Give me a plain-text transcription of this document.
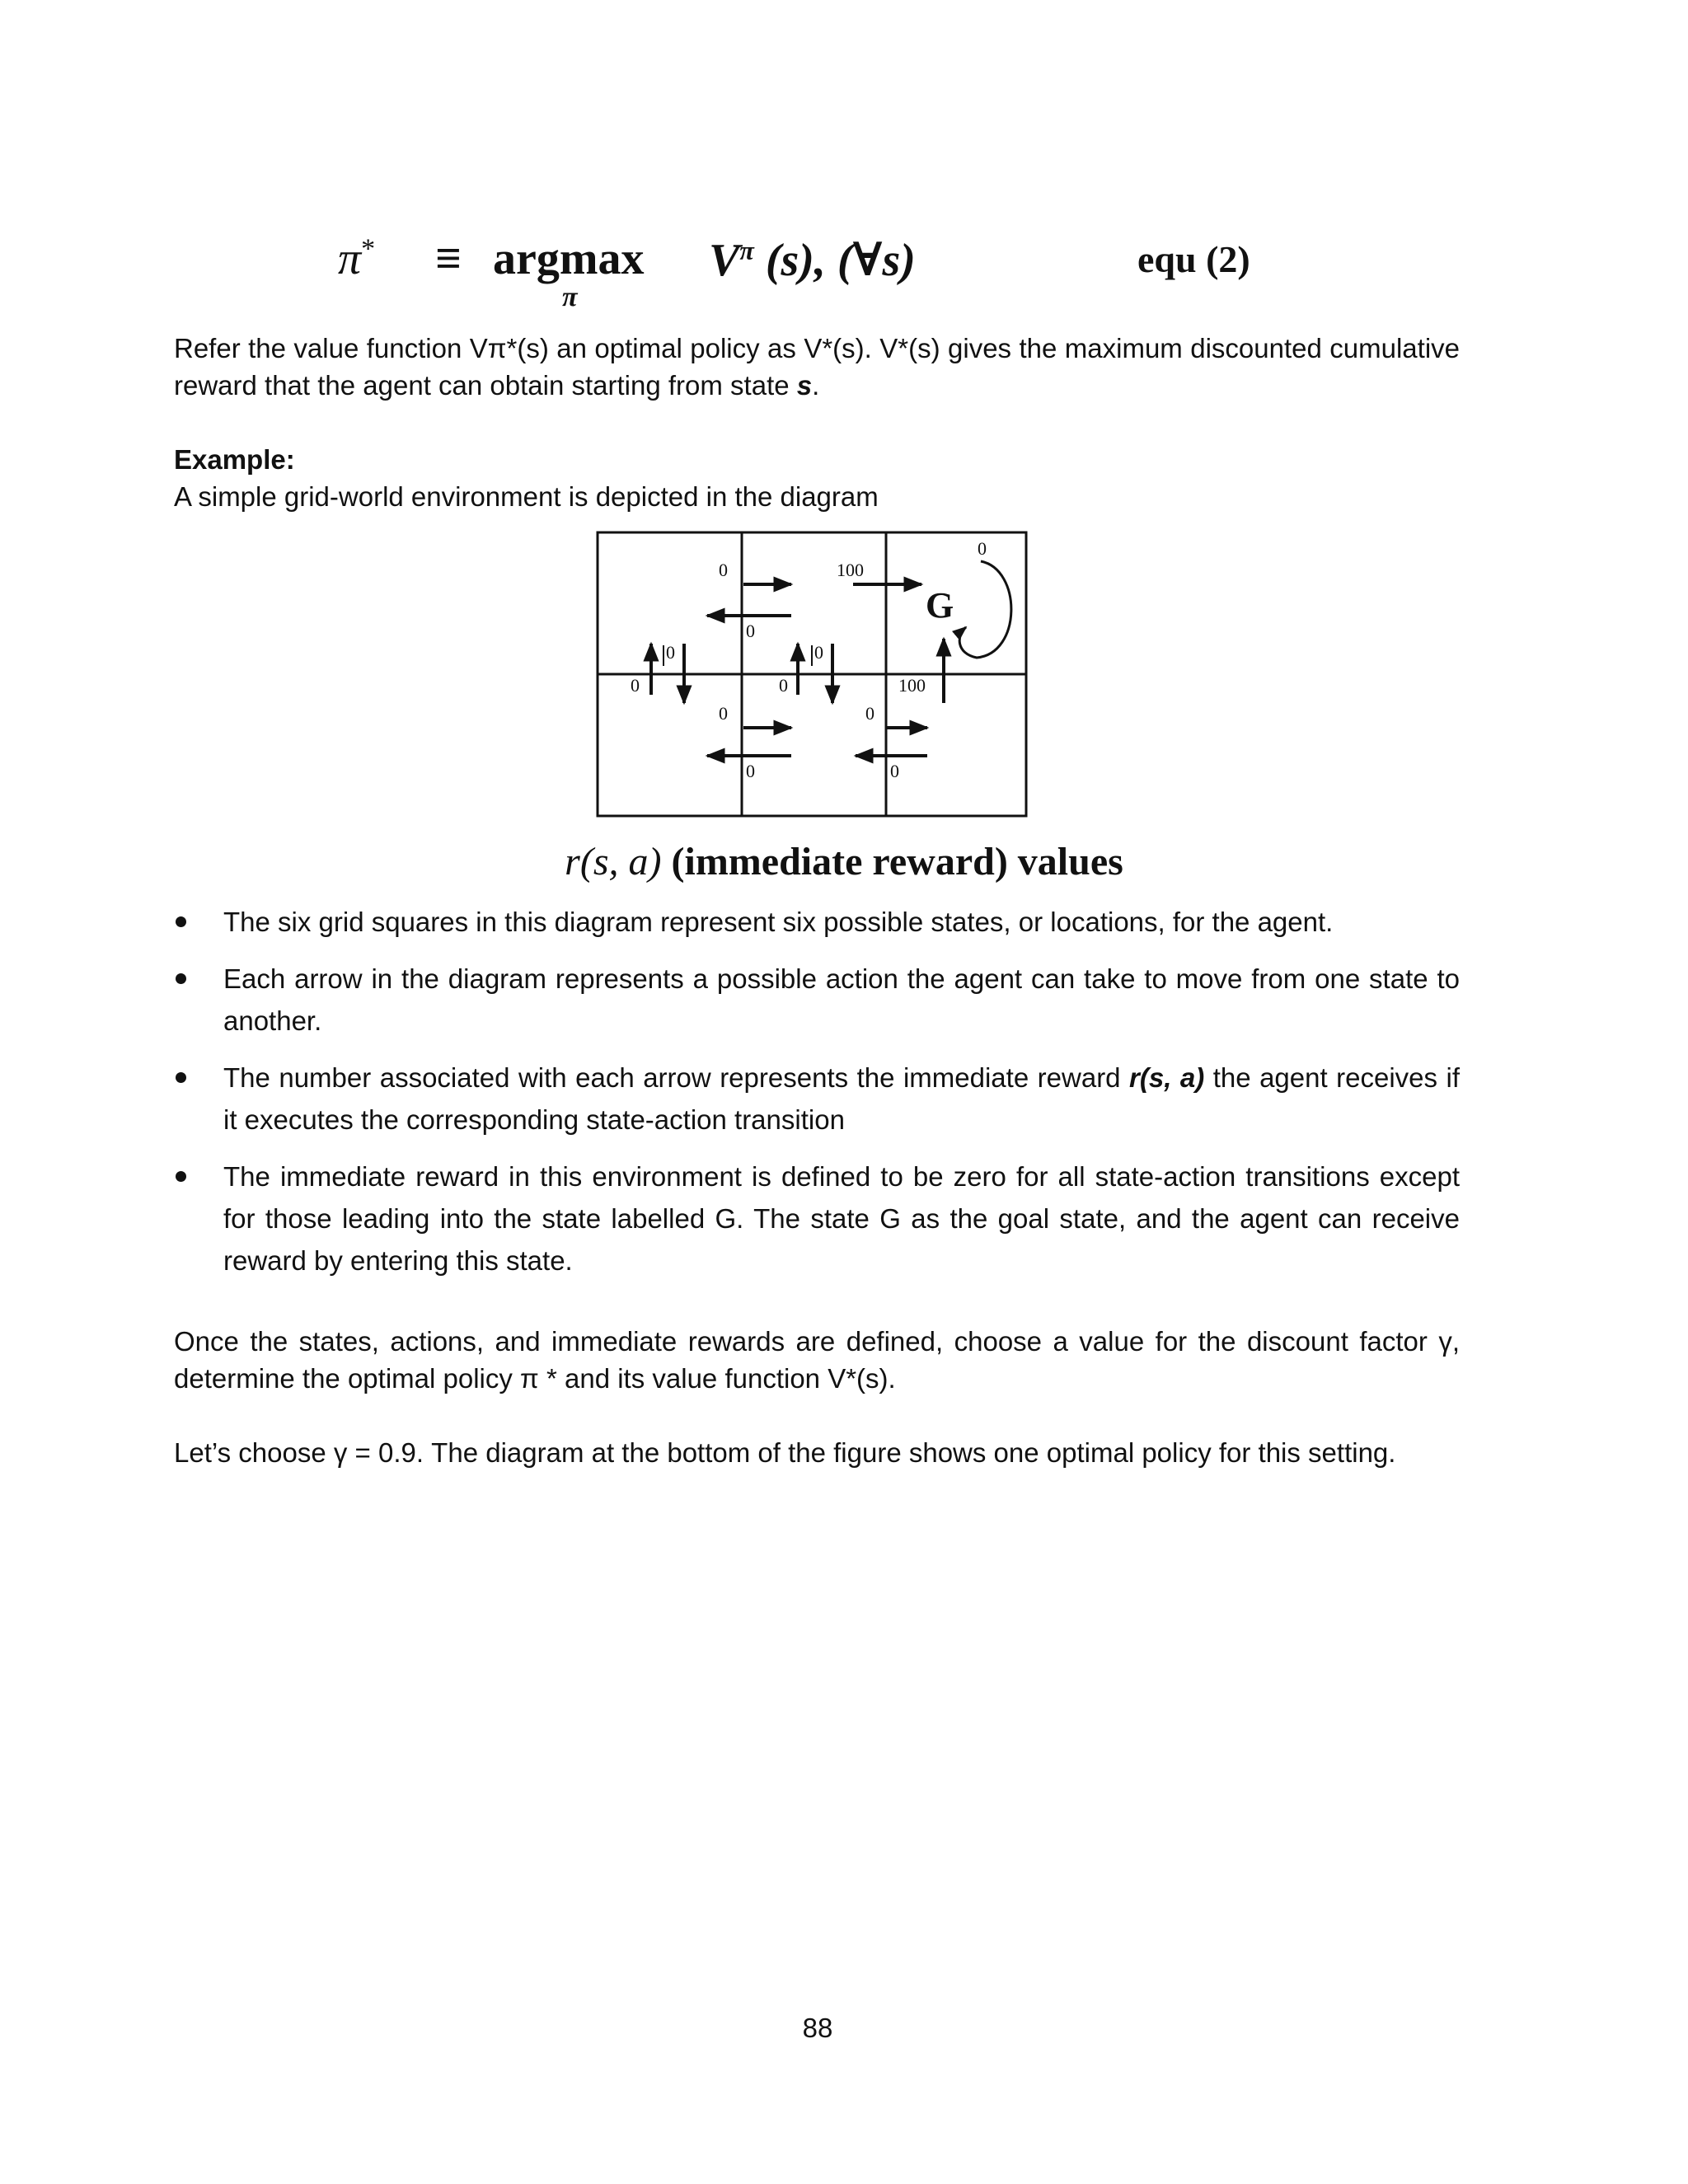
π* ≡ argmax
π
$V^\pi$ (s), (∀s)	equ (2)

Refer the value function Vπ*(s) an optimal policy as V*(s). V*(s) gives the maximum discounted cumulative reward that the agent can obtain starting from state s.

Example:

A simple grid-world environment is depicted in the diagram

G
0
0
100
0
0
0
0
0	100
0
0
0
0
r(s, a) (immediate reward) values
The six grid squares in this diagram represent six possible states, or locations, for the agent.
Each arrow in the diagram represents a possible action the agent can take to move from one state to another.
The number associated with each arrow represents the immediate reward r(s, a) the agent receives if it executes the corresponding state-action transition
The immediate reward in this environment is defined to be zero for all state-action transitions except for those leading into the state labelled G. The state G as the goal state, and the agent can receive reward by entering this state.

Once the states, actions, and immediate rewards are defined, choose a value for the discount factor γ, determine the optimal policy π * and its value function V*(s).

Let’s choose γ = 0.9. The diagram at the bottom of the figure shows one optimal policy for this setting.

88
